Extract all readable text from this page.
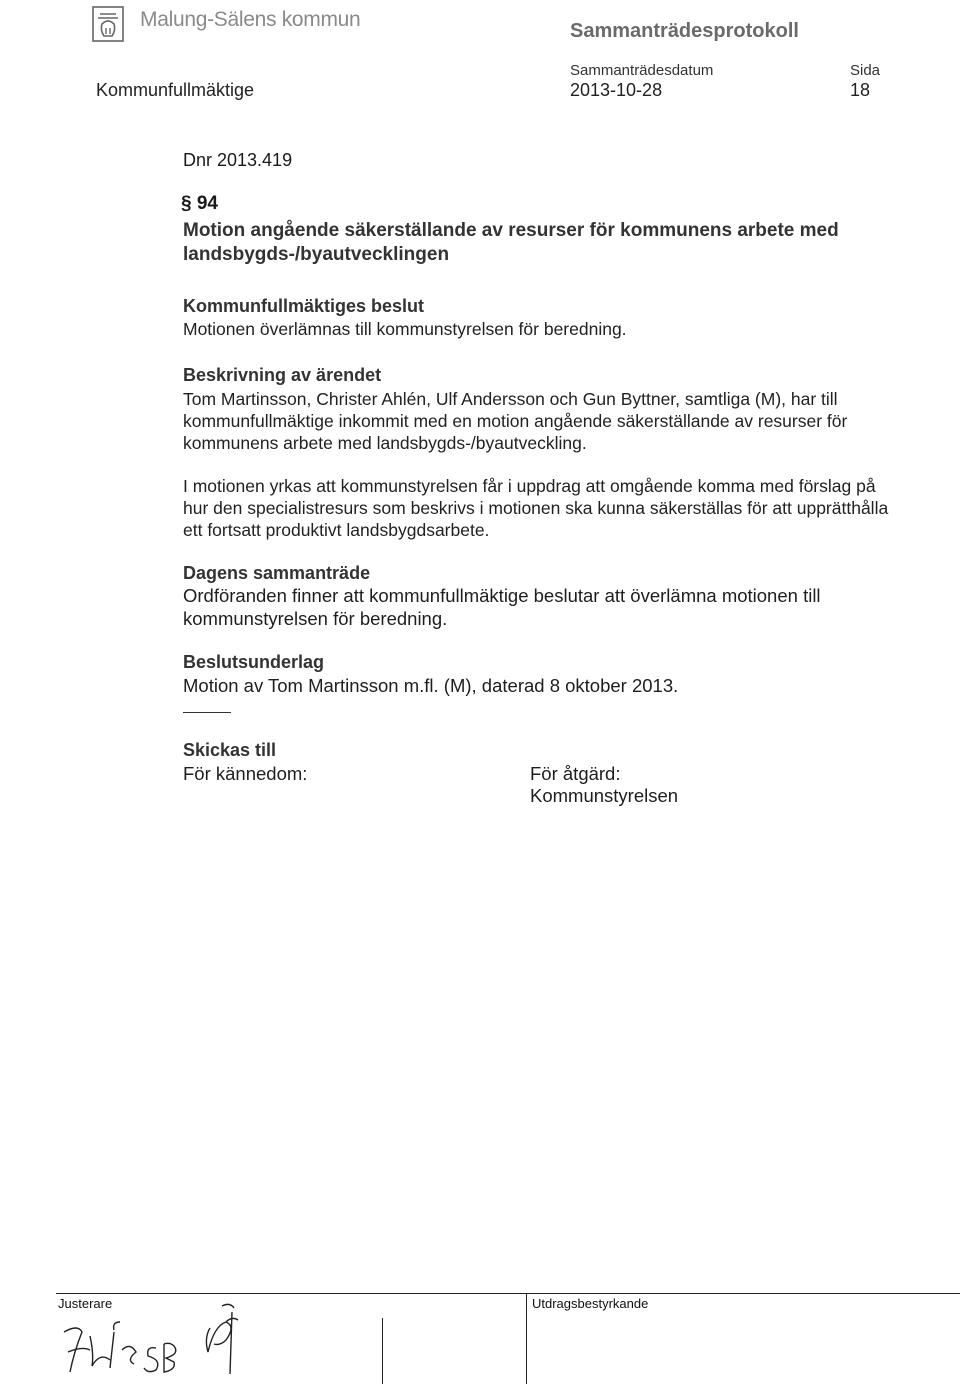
Malung-Sälens kommun	Sammanträdesprotokoll
Kommunfullmäktige
Sammanträdesdatum
2013-10-28
Sida
18
Dnr 2013.419
§ 94
Motion angående säkerställande av resurser för kommunens arbete med landsbygds-/byautvecklingen
Kommunfullmäktiges beslut
Motionen överlämnas till kommunstyrelsen för beredning.
Beskrivning av ärendet
Tom Martinsson, Christer Ahlén, Ulf Andersson och Gun Byttner, samtliga (M), har till kommunfullmäktige inkommit med en motion angående säkerställande av resurser för kommunens arbete med landsbygds-/byautveckling.
I motionen yrkas att kommunstyrelsen får i uppdrag att omgående komma med förslag på hur den specialistresurs som beskrivs i motionen ska kunna säkerställas för att upprätthålla ett fortsatt produktivt landsbygdsarbete.
Dagens sammanträde
Ordföranden finner att kommunfullmäktige beslutar att överlämna motionen till kommunstyrelsen för beredning.
Beslutsunderlag
Motion av Tom Martinsson m.fl. (M), daterad 8 oktober 2013.
Skickas till
För kännedom:	För åtgärd:
Kommunstyrelsen
Justerare	Utdragsbestyrkande
